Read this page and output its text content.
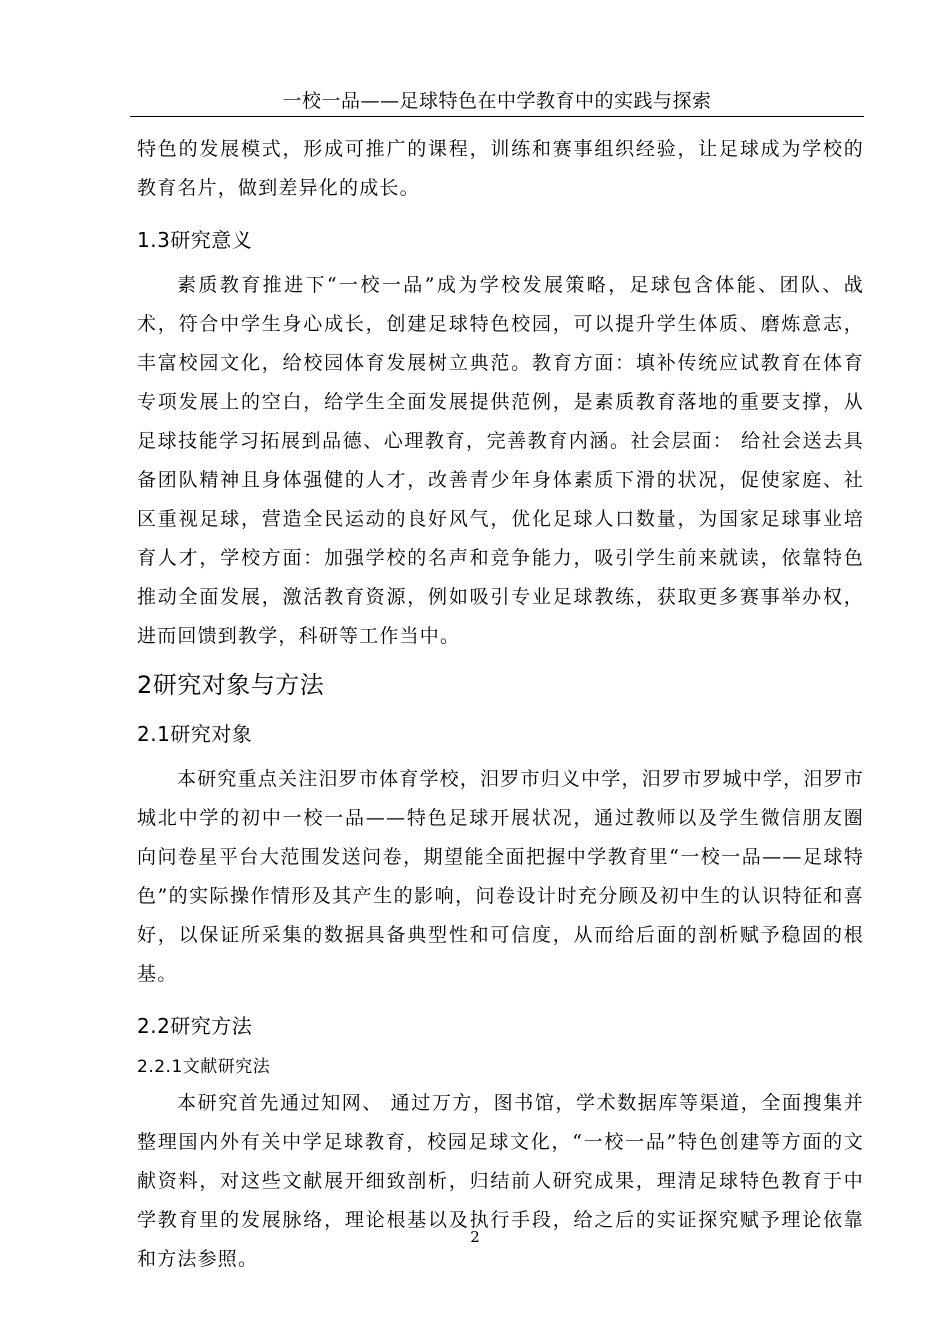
一校一品——足球特色在中学教育中的实践与探索

特色的发展模式，形成可推广的课程，训练和赛事组织经验，让足球成为学校的教育名片，做到差异化的成长。

1.3研究意义

素质教育推进下“一校一品”成为学校发展策略，足球包含体能、团队、战术，符合中学生身心成长，创建足球特色校园，可以提升学生体质、磨炼意志，丰富校园文化，给校园体育发展树立典范。教育方面：填补传统应试教育在体育专项发展上的空白，给学生全面发展提供范例，是素质教育落地的重要支撑，从足球技能学习拓展到品德、心理教育，完善教育内涵。社会层面： 给社会送去具备团队精神且身体强健的人才，改善青少年身体素质下滑的状况，促使家庭、社区重视足球，营造全民运动的良好风气，优化足球人口数量，为国家足球事业培育人才，学校方面：加强学校的名声和竞争能力，吸引学生前来就读，依靠特色推动全面发展，激活教育资源，例如吸引专业足球教练，获取更多赛事举办权，进而回馈到教学，科研等工作当中。

2研究对象与方法
2.1研究对象

本研究重点关注汨罗市体育学校，汨罗市归义中学，汨罗市罗城中学，汨罗市城北中学的初中一校一品——特色足球开展状况，通过教师以及学生微信朋友圈向问卷星平台大范围发送问卷，期望能全面把握中学教育里“一校一品——足球特色”的实际操作情形及其产生的影响，问卷设计时充分顾及初中生的认识特征和喜好，以保证所采集的数据具备典型性和可信度，从而给后面的剖析赋予稳固的根基。

2.2研究方法
2.2.1文献研究法

本研究首先通过知网、 通过万方，图书馆，学术数据库等渠道，全面搜集并整理国内外有关中学足球教育，校园足球文化，“一校一品”特色创建等方面的文献资料，对这些文献展开细致剖析，归结前人研究成果，理清足球特色教育于中学教育里的发展脉络，理论根基以及执行手段，给之后的实证探究赋予理论依靠和方法参照。

2
